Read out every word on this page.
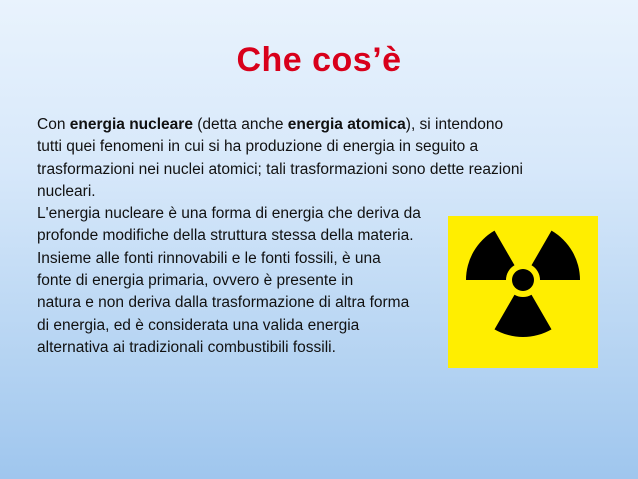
Che cos’è
Con energia nucleare (detta anche energia atomica), si intendono
tutti quei fenomeni in cui si ha produzione di energia in seguito a
trasformazioni nei nuclei atomici; tali trasformazioni sono dette reazioni
nucleari.
L'energia nucleare è una forma di energia che deriva da
profonde modifiche della struttura stessa della materia.
Insieme alle fonti rinnovabili e le fonti fossili, è una
fonte di energia primaria, ovvero è presente in
natura e non deriva dalla trasformazione di altra forma
di energia, ed è considerata una valida energia
alternativa ai tradizionali combustibili fossili.
